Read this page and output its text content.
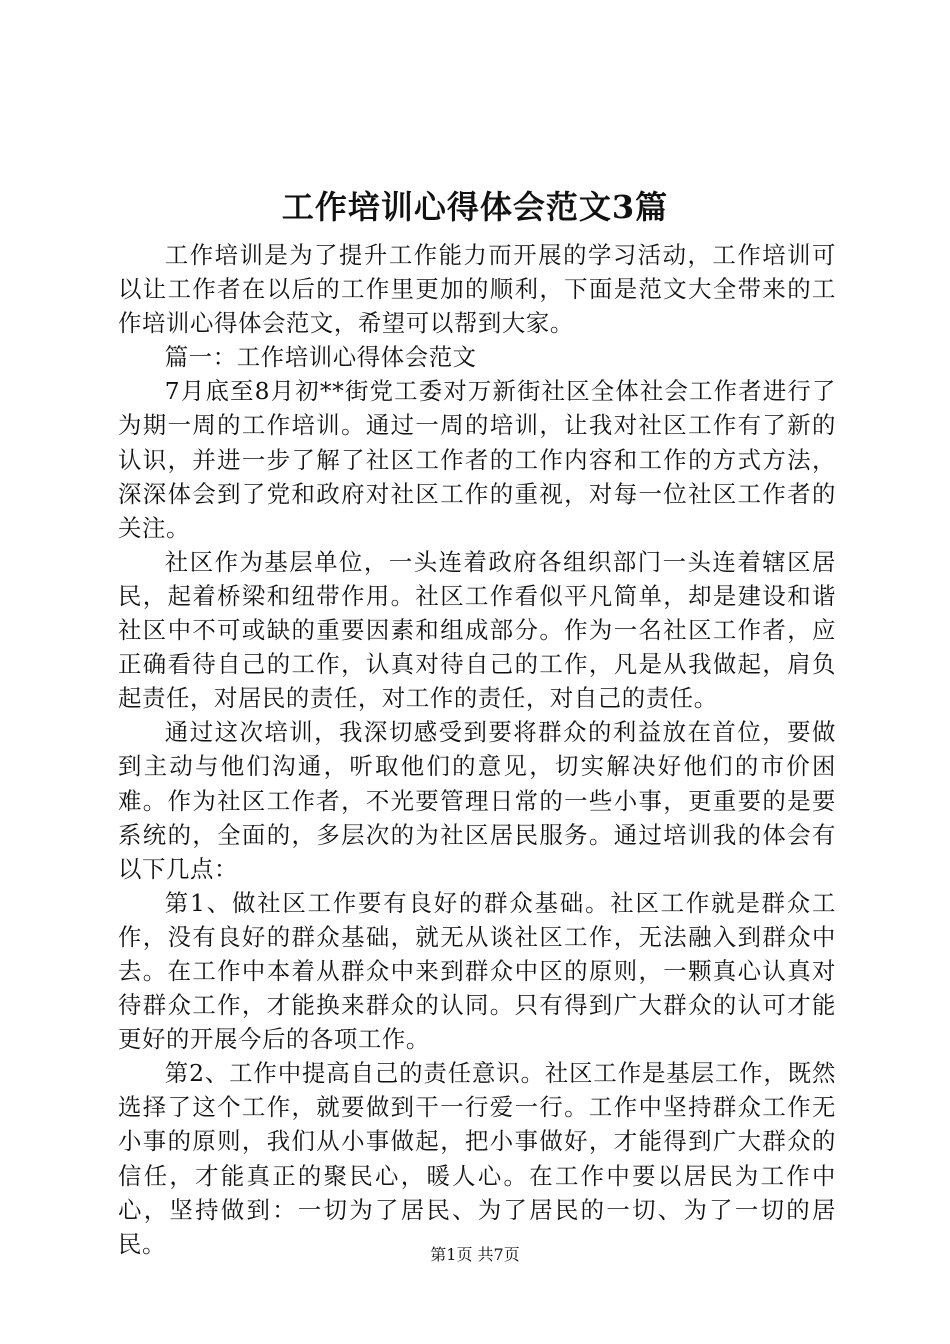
工作培训心得体会范文3篇

工作培训是为了提升工作能力而开展的学习活动，工作培训可以让工作者在以后的工作里更加的顺利，下面是范文大全带来的工作培训心得体会范文，希望可以帮到大家。

篇一：工作培训心得体会范文

7月底至8月初**街党工委对万新街社区全体社会工作者进行了为期一周的工作培训。通过一周的培训，让我对社区工作有了新的认识，并进一步了解了社区工作者的工作内容和工作的方式方法，深深体会到了党和政府对社区工作的重视，对每一位社区工作者的关注。

社区作为基层单位，一头连着政府各组织部门一头连着辖区居民，起着桥梁和纽带作用。社区工作看似平凡简单，却是建设和谐社区中不可或缺的重要因素和组成部分。作为一名社区工作者，应正确看待自己的工作，认真对待自己的工作，凡是从我做起，肩负起责任，对居民的责任，对工作的责任，对自己的责任。

通过这次培训，我深切感受到要将群众的利益放在首位，要做到主动与他们沟通，听取他们的意见，切实解决好他们的市价困难。作为社区工作者，不光要管理日常的一些小事，更重要的是要系统的，全面的，多层次的为社区居民服务。通过培训我的体会有以下几点：

第1、做社区工作要有良好的群众基础。社区工作就是群众工作，没有良好的群众基础，就无从谈社区工作，无法融入到群众中去。在工作中本着从群众中来到群众中区的原则，一颗真心认真对待群众工作，才能换来群众的认同。只有得到广大群众的认可才能更好的开展今后的各项工作。

第2、工作中提高自己的责任意识。社区工作是基层工作，既然选择了这个工作，就要做到干一行爱一行。工作中坚持群众工作无小事的原则，我们从小事做起，把小事做好，才能得到广大群众的信任，才能真正的聚民心，暖人心。在工作中要以居民为工作中心，坚持做到：一切为了居民、为了居民的一切、为了一切的居民。	第1页 共7页
